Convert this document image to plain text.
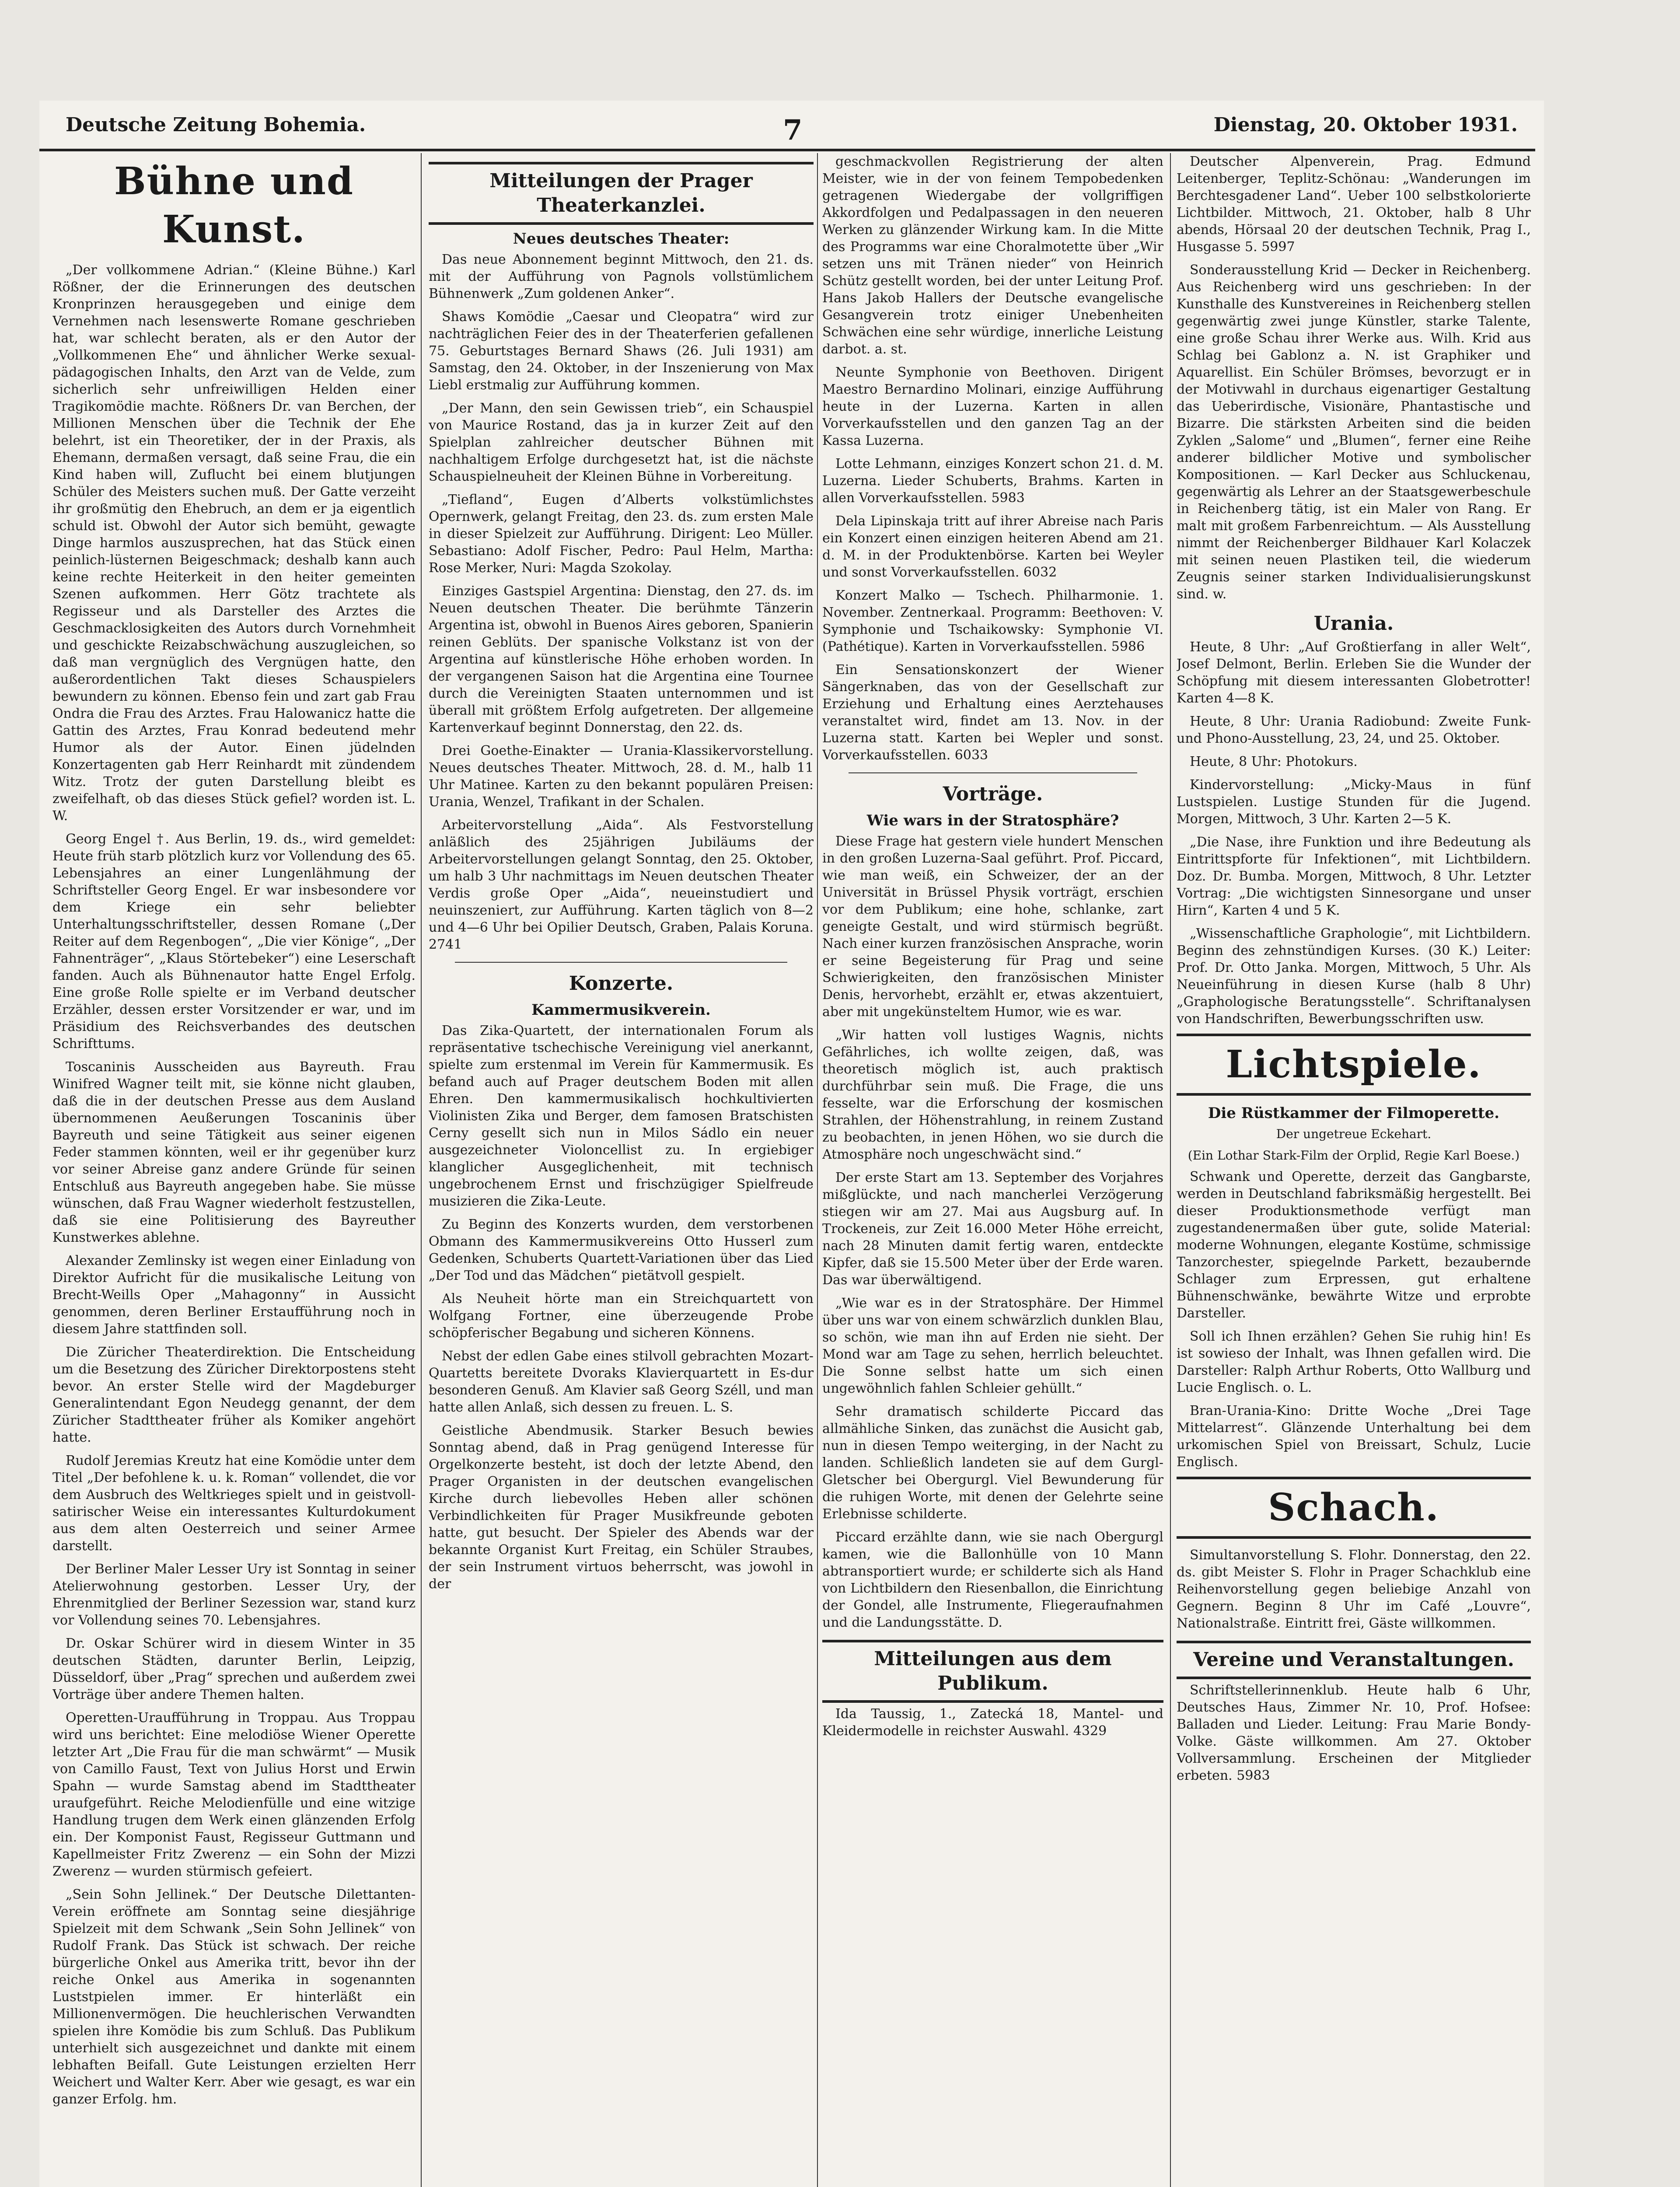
Deutsche Zeitung Bohemia.	7	Dienstag, 20. Oktober 1931.
Bühne und Kunst.

„Der vollkommene Adrian.“ (Kleine Bühne.) Karl Rößner, der die Erinnerungen des deutschen Kronprinzen herausgegeben und einige dem Vernehmen nach lesenswerte Romane geschrieben hat, war schlecht beraten, als er den Autor der „Vollkommenen Ehe“ und ähnlicher Werke sexual-pädagogischen Inhalts, den Arzt van de Velde, zum sicherlich sehr unfreiwilligen Helden einer Tragikomödie machte. Rößners Dr. van Berchen, der Millionen Menschen über die Technik der Ehe belehrt, ist ein Theoretiker, der in der Praxis, als Ehemann, dermaßen versagt, daß seine Frau, die ein Kind haben will, Zuflucht bei einem blutjungen Schüler des Meisters suchen muß. Der Gatte verzeiht ihr großmütig den Ehebruch, an dem er ja eigentlich schuld ist. Obwohl der Autor sich bemüht, gewagte Dinge harmlos auszusprechen, hat das Stück einen peinlich-lüsternen Beigeschmack; deshalb kann auch keine rechte Heiterkeit in den heiter gemeinten Szenen aufkommen. Herr Götz trachtete als Regisseur und als Darsteller des Arztes die Geschmacklosigkeiten des Autors durch Vornehmheit und geschickte Reizabschwächung auszugleichen, so daß man vergnüglich des Vergnügen hatte, den außerordentlichen Takt dieses Schauspielers bewundern zu können. Ebenso fein und zart gab Frau Ondra die Frau des Arztes. Frau Halowanicz hatte die Gattin des Arztes, Frau Konrad bedeutend mehr Humor als der Autor. Einen jüdelnden Konzertagenten gab Herr Reinhardt mit zündendem Witz. Trotz der guten Darstellung bleibt es zweifelhaft, ob das dieses Stück gefiel? worden ist. L. W.

Georg Engel †. Aus Berlin, 19. ds., wird gemeldet: Heute früh starb plötzlich kurz vor Vollendung des 65. Lebensjahres an einer Lungenlähmung der Schriftsteller Georg Engel. Er war insbesondere vor dem Kriege ein sehr beliebter Unterhaltungsschriftsteller, dessen Romane („Der Reiter auf dem Regenbogen“, „Die vier Könige“, „Der Fahnenträger“, „Klaus Störtebeker“) eine Leserschaft fanden. Auch als Bühnenautor hatte Engel Erfolg. Eine große Rolle spielte er im Verband deutscher Erzähler, dessen erster Vorsitzender er war, und im Präsidium des Reichsverbandes des deutschen Schrifttums.

Toscaninis Ausscheiden aus Bayreuth. Frau Winifred Wagner teilt mit, sie könne nicht glauben, daß die in der deutschen Presse aus dem Ausland übernommenen Aeußerungen Toscaninis über Bayreuth und seine Tätigkeit aus seiner eigenen Feder stammen könnten, weil er ihr gegenüber kurz vor seiner Abreise ganz andere Gründe für seinen Entschluß aus Bayreuth angegeben habe. Sie müsse wünschen, daß Frau Wagner wiederholt festzustellen, daß sie eine Politisierung des Bayreuther Kunstwerkes ablehne.

Alexander Zemlinsky ist wegen einer Einladung von Direktor Aufricht für die musikalische Leitung von Brecht-Weills Oper „Mahagonny“ in Aussicht genommen, deren Berliner Erstaufführung noch in diesem Jahre stattfinden soll.

Die Züricher Theaterdirektion. Die Entscheidung um die Besetzung des Züricher Direktorpostens steht bevor. An erster Stelle wird der Magdeburger Generalintendant Egon Neudegg genannt, der dem Züricher Stadttheater früher als Komiker angehört hatte.

Rudolf Jeremias Kreutz hat eine Komödie unter dem Titel „Der befohlene k. u. k. Roman“ vollendet, die vor dem Ausbruch des Weltkrieges spielt und in geistvoll-satirischer Weise ein interessantes Kulturdokument aus dem alten Oesterreich und seiner Armee darstellt.

Der Berliner Maler Lesser Ury ist Sonntag in seiner Atelierwohnung gestorben. Lesser Ury, der Ehrenmitglied der Berliner Sezession war, stand kurz vor Vollendung seines 70. Lebensjahres.

Dr. Oskar Schürer wird in diesem Winter in 35 deutschen Städten, darunter Berlin, Leipzig, Düsseldorf, über „Prag“ sprechen und außerdem zwei Vorträge über andere Themen halten.

Operetten-Uraufführung in Troppau. Aus Troppau wird uns berichtet: Eine melodiöse Wiener Operette letzter Art „Die Frau für die man schwärmt“ — Musik von Camillo Faust, Text von Julius Horst und Erwin Spahn — wurde Samstag abend im Stadttheater uraufgeführt. Reiche Melodienfülle und eine witzige Handlung trugen dem Werk einen glänzenden Erfolg ein. Der Komponist Faust, Regisseur Guttmann und Kapellmeister Fritz Zwerenz — ein Sohn der Mizzi Zwerenz — wurden stürmisch gefeiert.

„Sein Sohn Jellinek.“ Der Deutsche Dilettanten-Verein eröffnete am Sonntag seine diesjährige Spielzeit mit dem Schwank „Sein Sohn Jellinek“ von Rudolf Frank. Das Stück ist schwach. Der reiche bürgerliche Onkel aus Amerika tritt, bevor ihn der reiche Onkel aus Amerika in sogenannten Luststpielen immer. Er hinterläßt ein Millionenvermögen. Die heuchlerischen Verwandten spielen ihre Komödie bis zum Schluß. Das Publikum unterhielt sich ausgezeichnet und dankte mit einem lebhaften Beifall. Gute Leistungen erzielten Herr Weichert und Walter Kerr. Aber wie gesagt, es war ein ganzer Erfolg. hm.

Mitteilungen der Prager Theaterkanzlei.
Neues deutsches Theater:

Das neue Abonnement beginnt Mittwoch, den 21. ds. mit der Aufführung von Pagnols vollstümlichem Bühnenwerk „Zum goldenen Anker“.

Shaws Komödie „Caesar und Cleopatra“ wird zur nachträglichen Feier des in der Theaterferien gefallenen 75. Geburtstages Bernard Shaws (26. Juli 1931) am Samstag, den 24. Oktober, in der Inszenierung von Max Liebl erstmalig zur Aufführung kommen.

„Der Mann, den sein Gewissen trieb“, ein Schauspiel von Maurice Rostand, das ja in kurzer Zeit auf den Spielplan zahlreicher deutscher Bühnen mit nachhaltigem Erfolge durchgesetzt hat, ist die nächste Schauspielneuheit der Kleinen Bühne in Vorbereitung.

„Tiefland“, Eugen d’Alberts volkstümlichstes Opernwerk, gelangt Freitag, den 23. ds. zum ersten Male in dieser Spielzeit zur Aufführung. Dirigent: Leo Müller. Sebastiano: Adolf Fischer, Pedro: Paul Helm, Martha: Rose Merker, Nuri: Magda Szokolay.

Einziges Gastspiel Argentina: Dienstag, den 27. ds. im Neuen deutschen Theater. Die berühmte Tänzerin Argentina ist, obwohl in Buenos Aires geboren, Spanierin reinen Geblüts. Der spanische Volkstanz ist von der Argentina auf künstlerische Höhe erhoben worden. In der vergangenen Saison hat die Argentina eine Tournee durch die Vereinigten Staaten unternommen und ist überall mit größtem Erfolg aufgetreten. Der allgemeine Kartenverkauf beginnt Donnerstag, den 22. ds.

Drei Goethe-Einakter — Urania-Klassikervorstellung. Neues deutsches Theater. Mittwoch, 28. d. M., halb 11 Uhr Matinee. Karten zu den bekannt populären Preisen: Urania, Wenzel, Trafikant in der Schalen.

Arbeitervorstellung „Aida“. Als Festvorstellung anläßlich des 25jährigen Jubiläums der Arbeitervorstellungen gelangt Sonntag, den 25. Oktober, um halb 3 Uhr nachmittags im Neuen deutschen Theater Verdis große Oper „Aida“, neueinstudiert und neuinszeniert, zur Aufführung. Karten täglich von 8—2 und 4—6 Uhr bei Opilier Deutsch, Graben, Palais Koruna. 2741

Konzerte.
Kammermusikverein.

Das Zika-Quartett, der internationalen Forum als repräsentative tschechische Vereinigung viel anerkannt, spielte zum erstenmal im Verein für Kammermusik. Es befand auch auf Prager deutschem Boden mit allen Ehren. Den kammermusikalisch hochkultivierten Violinisten Zika und Berger, dem famosen Bratschisten Cerny gesellt sich nun in Milos Sádlo ein neuer ausgezeichneter Violoncellist zu. In ergiebiger klanglicher Ausgeglichenheit, mit technisch ungebrochenem Ernst und frischzügiger Spielfreude musizieren die Zika-Leute.

Zu Beginn des Konzerts wurden, dem verstorbenen Obmann des Kammermusikvereins Otto Husserl zum Gedenken, Schuberts Quartett-Variationen über das Lied „Der Tod und das Mädchen“ pietätvoll gespielt.

Als Neuheit hörte man ein Streichquartett von Wolfgang Fortner, eine überzeugende Probe schöpferischer Begabung und sicheren Könnens.

Nebst der edlen Gabe eines stilvoll gebrachten Mozart-Quartetts bereitete Dvoraks Klavierquartett in Es-dur besonderen Genuß. Am Klavier saß Georg Széll, und man hatte allen Anlaß, sich dessen zu freuen. L. S.

Geistliche Abendmusik. Starker Besuch bewies Sonntag abend, daß in Prag genügend Interesse für Orgelkonzerte besteht, ist doch der letzte Abend, den Prager Organisten in der deutschen evangelischen Kirche durch liebevolles Heben aller schönen Verbindlichkeiten für Prager Musikfreunde geboten hatte, gut besucht. Der Spieler des Abends war der bekannte Organist Kurt Freitag, ein Schüler Straubes, der sein Instrument virtuos beherrscht, was jowohl in der

geschmackvollen Registrierung der alten Meister, wie in der von feinem Tempobedenken getragenen Wiedergabe der vollgriffigen Akkordfolgen und Pedalpassagen in den neueren Werken zu glänzender Wirkung kam. In die Mitte des Programms war eine Choralmotette über „Wir setzen uns mit Tränen nieder“ von Heinrich Schütz gestellt worden, bei der unter Leitung Prof. Hans Jakob Hallers der Deutsche evangelische Gesangverein trotz einiger Unebenheiten Schwächen eine sehr würdige, innerliche Leistung darbot. a. st.

Neunte Symphonie von Beethoven. Dirigent Maestro Bernardino Molinari, einzige Aufführung heute in der Luzerna. Karten in allen Vorverkaufsstellen und den ganzen Tag an der Kassa Luzerna.

Lotte Lehmann, einziges Konzert schon 21. d. M. Luzerna. Lieder Schuberts, Brahms. Karten in allen Vorverkaufsstellen. 5983

Dela Lipinskaja tritt auf ihrer Abreise nach Paris ein Konzert einen einzigen heiteren Abend am 21. d. M. in der Produktenbörse. Karten bei Weyler und sonst Vorverkaufsstellen. 6032

Konzert Malko — Tschech. Philharmonie. 1. November. Zentnerkaal. Programm: Beethoven: V. Symphonie und Tschaikowsky: Symphonie VI. (Pathétique). Karten in Vorverkaufsstellen. 5986

Ein Sensationskonzert der Wiener Sängerknaben, das von der Gesellschaft zur Erziehung und Erhaltung eines Aerztehauses veranstaltet wird, findet am 13. Nov. in der Luzerna statt. Karten bei Wepler und sonst. Vorverkaufsstellen. 6033

Vorträge.
Wie wars in der Stratosphäre?

Diese Frage hat gestern viele hundert Menschen in den großen Luzerna-Saal geführt. Prof. Piccard, wie man weiß, ein Schweizer, der an der Universität in Brüssel Physik vorträgt, erschien vor dem Publikum; eine hohe, schlanke, zart geneigte Gestalt, und wird stürmisch begrüßt. Nach einer kurzen französischen Ansprache, worin er seine Begeisterung für Prag und seine Schwierigkeiten, den französischen Minister Denis, hervorhebt, erzählt er, etwas akzentuiert, aber mit ungekünsteltem Humor, wie es war.

„Wir hatten voll lustiges Wagnis, nichts Gefährliches, ich wollte zeigen, daß, was theoretisch möglich ist, auch praktisch durchführbar sein muß. Die Frage, die uns fesselte, war die Erforschung der kosmischen Strahlen, der Höhenstrahlung, in reinem Zustand zu beobachten, in jenen Höhen, wo sie durch die Atmosphäre noch ungeschwächt sind.“

Der erste Start am 13. September des Vorjahres mißglückte, und nach mancherlei Verzögerung stiegen wir am 27. Mai aus Augsburg auf. In Trockeneis, zur Zeit 16.000 Meter Höhe erreicht, nach 28 Minuten damit fertig waren, entdeckte Kipfer, daß sie 15.500 Meter über der Erde waren. Das war überwältigend.

„Wie war es in der Stratosphäre. Der Himmel über uns war von einem schwärzlich dunklen Blau, so schön, wie man ihn auf Erden nie sieht. Der Mond war am Tage zu sehen, herrlich beleuchtet. Die Sonne selbst hatte um sich einen ungewöhnlich fahlen Schleier gehüllt.“

Sehr dramatisch schilderte Piccard das allmähliche Sinken, das zunächst die Ausicht gab, nun in diesen Tempo weiterging, in der Nacht zu landen. Schließlich landeten sie auf dem Gurgl-Gletscher bei Obergurgl. Viel Bewunderung für die ruhigen Worte, mit denen der Gelehrte seine Erlebnisse schilderte.

Piccard erzählte dann, wie sie nach Obergurgl kamen, wie die Ballonhülle von 10 Mann abtransportiert wurde; er schilderte sich als Hand von Lichtbildern den Riesenballon, die Einrichtung der Gondel, alle Instrumente, Fliegeraufnahmen und die Landungsstätte. D.

Mitteilungen aus dem Publikum.

Ida Taussig, 1., Zatecká 18, Mantel- und Kleidermodelle in reichster Auswahl. 4329

Deutscher Alpenverein, Prag. Edmund Leitenberger, Teplitz-Schönau: „Wanderungen im Berchtesgadener Land“. Ueber 100 selbstkolorierte Lichtbilder. Mittwoch, 21. Oktober, halb 8 Uhr abends, Hörsaal 20 der deutschen Technik, Prag I., Husgasse 5. 5997

Sonderausstellung Krid — Decker in Reichenberg. Aus Reichenberg wird uns geschrieben: In der Kunsthalle des Kunstvereines in Reichenberg stellen gegenwärtig zwei junge Künstler, starke Talente, eine große Schau ihrer Werke aus. Wilh. Krid aus Schlag bei Gablonz a. N. ist Graphiker und Aquarellist. Ein Schüler Brömses, bevorzugt er in der Motivwahl in durchaus eigenartiger Gestaltung das Ueberirdische, Visionäre, Phantastische und Bizarre. Die stärksten Arbeiten sind die beiden Zyklen „Salome“ und „Blumen“, ferner eine Reihe anderer bildlicher Motive und symbolischer Kompositionen. — Karl Decker aus Schluckenau, gegenwärtig als Lehrer an der Staatsgewerbeschule in Reichenberg tätig, ist ein Maler von Rang. Er malt mit großem Farbenreichtum. — Als Ausstellung nimmt der Reichenberger Bildhauer Karl Kolaczek mit seinen neuen Plastiken teil, die wiederum Zeugnis seiner starken Individualisierungskunst sind. w.

Urania.

Heute, 8 Uhr: „Auf Großtierfang in aller Welt“, Josef Delmont, Berlin. Erleben Sie die Wunder der Schöpfung mit diesem interessanten Globetrotter! Karten 4—8 K.

Heute, 8 Uhr: Urania Radiobund: Zweite Funk- und Phono-Ausstellung, 23, 24, und 25. Oktober.

Heute, 8 Uhr: Photokurs.

Kindervorstellung: „Micky-Maus in fünf Lustspielen. Lustige Stunden für die Jugend. Morgen, Mittwoch, 3 Uhr. Karten 2—5 K.

„Die Nase, ihre Funktion und ihre Bedeutung als Eintrittspforte für Infektionen“, mit Lichtbildern. Doz. Dr. Bumba. Morgen, Mittwoch, 8 Uhr. Letzter Vortrag: „Die wichtigsten Sinnesorgane und unser Hirn“, Karten 4 und 5 K.

„Wissenschaftliche Graphologie“, mit Lichtbildern. Beginn des zehnstündigen Kurses. (30 K.) Leiter: Prof. Dr. Otto Janka. Morgen, Mittwoch, 5 Uhr. Als Neueinführung in diesen Kurse (halb 8 Uhr) „Graphologische Beratungsstelle“. Schriftanalysen von Handschriften, Bewerbungsschriften usw.

Lichtspiele.
Die Rüstkammer der Filmoperette.
Der ungetreue Eckehart.
(Ein Lothar Stark-Film der Orplid, Regie Karl Boese.)

Schwank und Operette, derzeit das Gangbarste, werden in Deutschland fabriksmäßig hergestellt. Bei dieser Produktionsmethode verfügt man zugestandenermaßen über gute, solide Material: moderne Wohnungen, elegante Kostüme, schmissige Tanzorchester, spiegelnde Parkett, bezaubernde Schlager zum Erpressen, gut erhaltene Bühnenschwänke, bewährte Witze und erprobte Darsteller.

Soll ich Ihnen erzählen? Gehen Sie ruhig hin! Es ist sowieso der Inhalt, was Ihnen gefallen wird. Die Darsteller: Ralph Arthur Roberts, Otto Wallburg und Lucie Englisch. o. L.

Bran-Urania-Kino: Dritte Woche „Drei Tage Mittelarrest“. Glänzende Unterhaltung bei dem urkomischen Spiel von Breissart, Schulz, Lucie Englisch.

Schach.

Simultanvorstellung S. Flohr. Donnerstag, den 22. ds. gibt Meister S. Flohr in Prager Schachklub eine Reihenvorstellung gegen beliebige Anzahl von Gegnern. Beginn 8 Uhr im Café „Louvre“, Nationalstraße. Eintritt frei, Gäste willkommen.

Vereine und Veranstaltungen.

Schriftstellerinnenklub. Heute halb 6 Uhr, Deutsches Haus, Zimmer Nr. 10, Prof. Hofsee: Balladen und Lieder. Leitung: Frau Marie Bondy-Volke. Gäste willkommen. Am 27. Oktober Vollversammlung. Erscheinen der Mitglieder erbeten. 5983
